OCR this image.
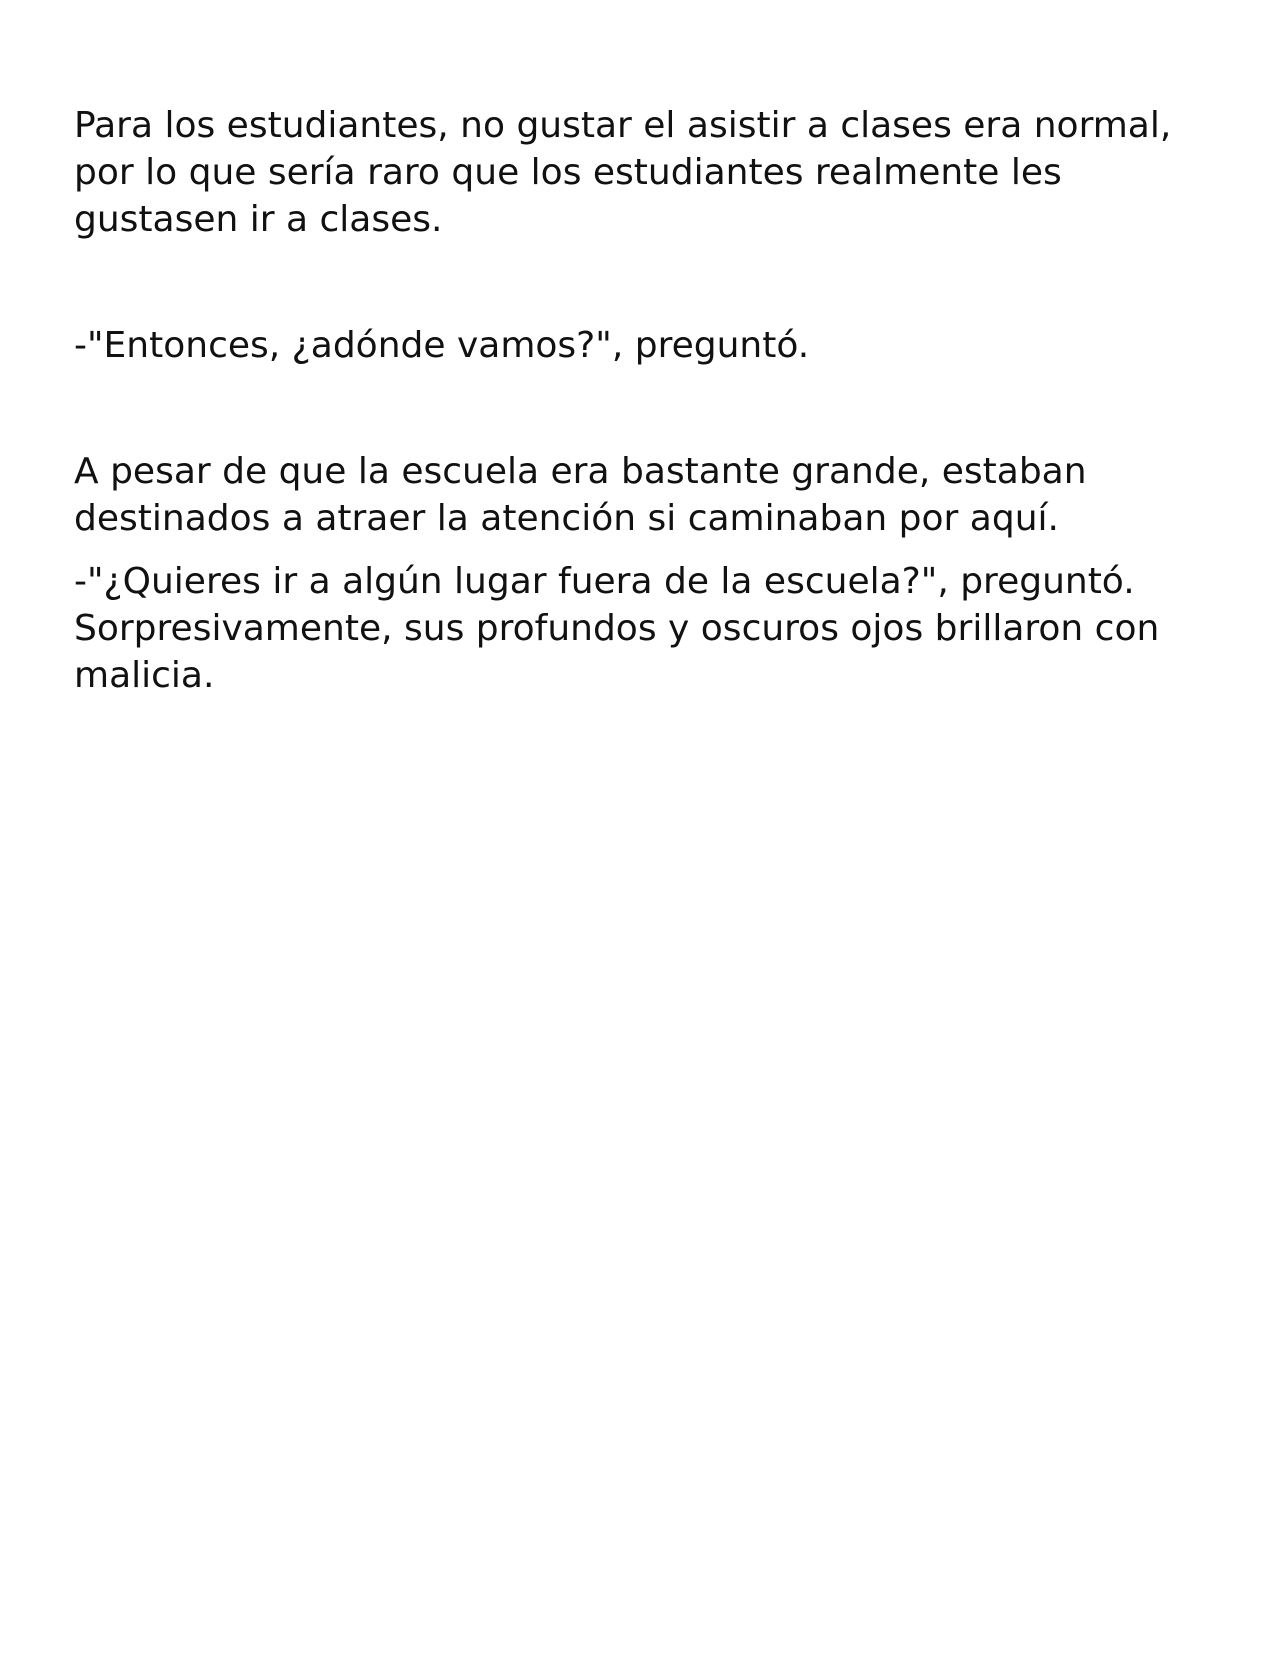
Para los estudiantes, no gustar el asistir a clases era normal, por lo que sería raro que los estudiantes realmente les gustasen ir a clases.

-"Entonces, ¿adónde vamos?", preguntó.

A pesar de que la escuela era bastante grande, estaban destinados a atraer la atención si caminaban por aquí.

-"¿Quieres ir a algún lugar fuera de la escuela?", preguntó. Sorpresivamente, sus profundos y oscuros ojos brillaron con malicia.
